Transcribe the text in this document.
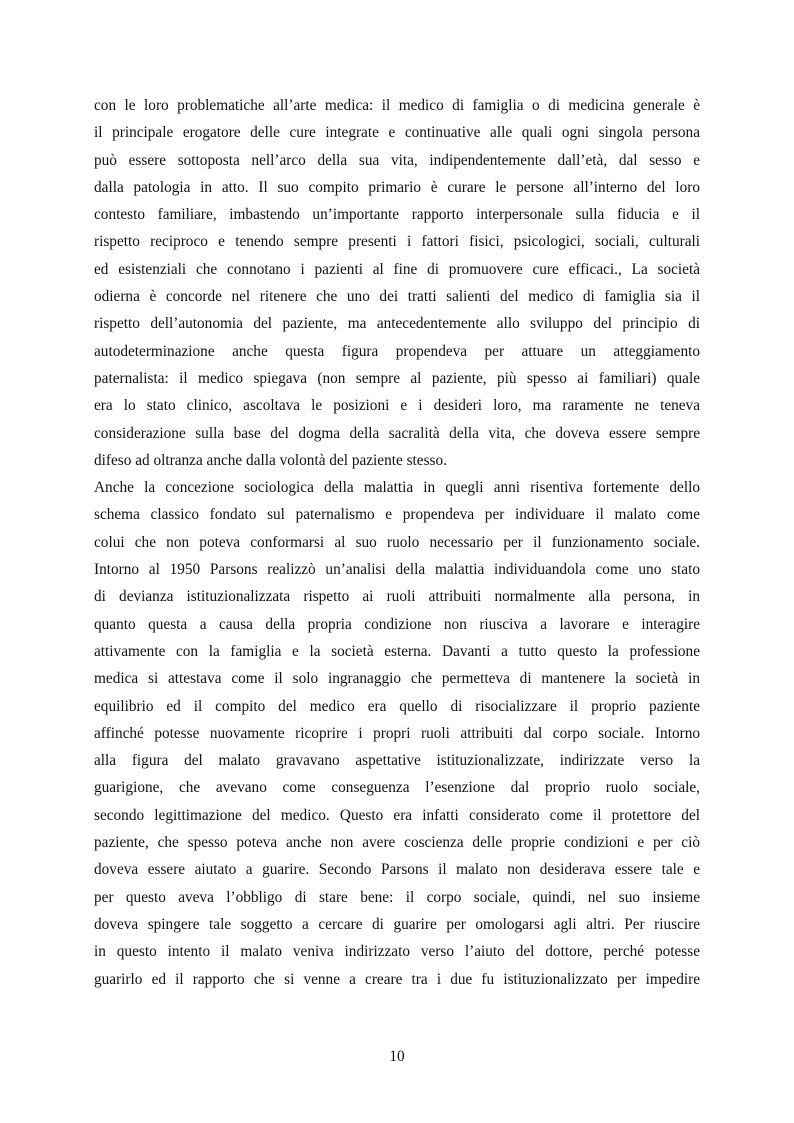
con le loro problematiche all’arte medica: il medico di famiglia o di medicina generale è
il principale erogatore delle cure integrate e continuative alle quali ogni singola persona
può essere sottoposta nell’arco della sua vita, indipendentemente dall’età, dal sesso e
dalla patologia in atto. Il suo compito primario è curare le persone all’interno del loro
contesto familiare, imbastendo un’importante rapporto interpersonale sulla fiducia e il
rispetto reciproco e tenendo sempre presenti i fattori fisici, psicologici, sociali, culturali
ed esistenziali che connotano i pazienti al fine di promuovere cure efficaci., La società
odierna è concorde nel ritenere che uno dei tratti salienti del medico di famiglia sia il
rispetto dell’autonomia del paziente, ma antecedentemente allo sviluppo del principio di
autodeterminazione anche questa figura propendeva per attuare un atteggiamento
paternalista: il medico spiegava (non sempre al paziente, più spesso ai familiari) quale
era lo stato clinico, ascoltava le posizioni e i desideri loro, ma raramente ne teneva
considerazione sulla base del dogma della sacralità della vita, che doveva essere sempre
difeso ad oltranza anche dalla volontà del paziente stesso.
Anche la concezione sociologica della malattia in quegli anni risentiva fortemente dello
schema classico fondato sul paternalismo e propendeva per individuare il malato come
colui che non poteva conformarsi al suo ruolo necessario per il funzionamento sociale.
Intorno al 1950 Parsons realizzò un’analisi della malattia individuandola come uno stato
di devianza istituzionalizzata rispetto ai ruoli attribuiti normalmente alla persona, in
quanto questa a causa della propria condizione non riusciva a lavorare e interagire
attivamente con la famiglia e la società esterna. Davanti a tutto questo la professione
medica si attestava come il solo ingranaggio che permetteva di mantenere la società in
equilibrio ed il compito del medico era quello di risocializzare il proprio paziente
affinché potesse nuovamente ricoprire i propri ruoli attribuiti dal corpo sociale. Intorno
alla figura del malato gravavano aspettative istituzionalizzate, indirizzate verso la
guarigione, che avevano come conseguenza l’esenzione dal proprio ruolo sociale,
secondo legittimazione del medico. Questo era infatti considerato come il protettore del
paziente, che spesso poteva anche non avere coscienza delle proprie condizioni e per ciò
doveva essere aiutato a guarire. Secondo Parsons il malato non desiderava essere tale e
per questo aveva l’obbligo di stare bene: il corpo sociale, quindi, nel suo insieme
doveva spingere tale soggetto a cercare di guarire per omologarsi agli altri. Per riuscire
in questo intento il malato veniva indirizzato verso l’aiuto del dottore, perché potesse
guarirlo ed il rapporto che si venne a creare tra i due fu istituzionalizzato per impedire
10
